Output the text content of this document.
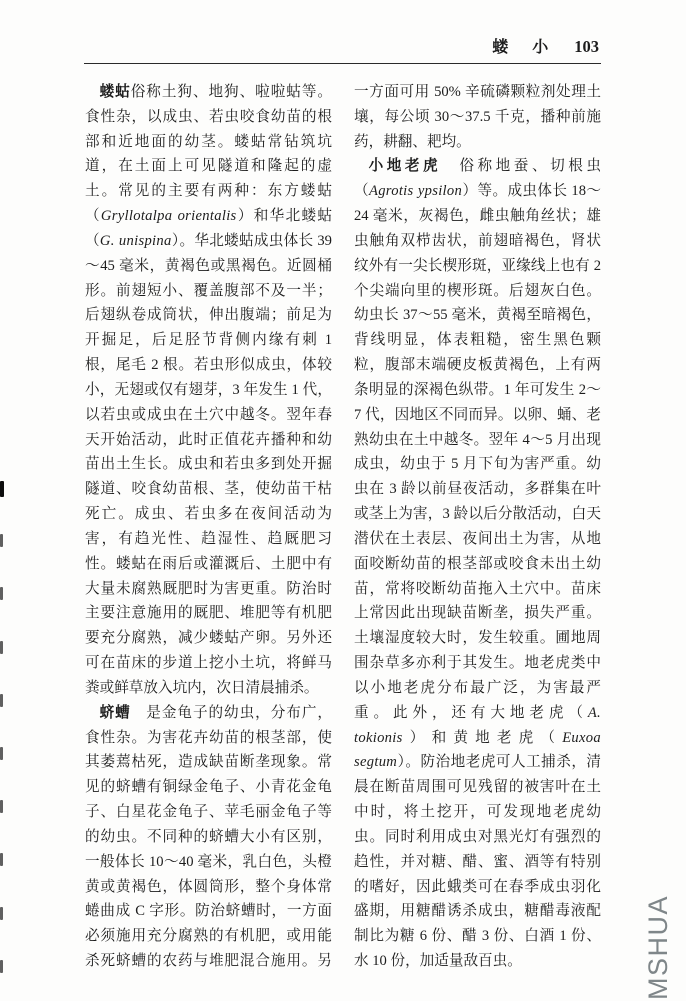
蝼　小 103

蝼蛄俗称土狗、地狗、啦啦蛄等。食性杂，以成虫、若虫咬食幼苗的根部和近地面的幼茎。蝼蛄常钻筑坑道，在土面上可见隧道和隆起的虚土。常见的主要有两种：东方蝼蛄（Gryllotalpa orientalis）和华北蝼蛄（G. unispina）。华北蝼蛄成虫体长 39～45 毫米，黄褐色或黑褐色。近圆桶形。前翅短小、覆盖腹部不及一半；后翅纵卷成筒状，伸出腹端；前足为开掘足，后足胫节背侧内缘有刺 1 根，尾毛 2 根。若虫形似成虫，体较小，无翅或仅有翅芽，3 年发生 1 代，以若虫或成虫在土穴中越冬。翌年春天开始活动，此时正值花卉播种和幼苗出土生长。成虫和若虫多到处开掘隧道、咬食幼苗根、茎，使幼苗干枯死亡。成虫、若虫多在夜间活动为害，有趋光性、趋湿性、趋厩肥习性。蝼蛄在雨后或灌溉后、土肥中有大量未腐熟厩肥时为害更重。防治时主要注意施用的厩肥、堆肥等有机肥要充分腐熟，减少蝼蛄产卵。另外还可在苗床的步道上挖小土坑，将鲜马粪或鲜草放入坑内，次日清晨捕杀。

蛴螬　是金龟子的幼虫，分布广，食性杂。为害花卉幼苗的根茎部，使其萎蔫枯死，造成缺苗断垄现象。常见的蛴螬有铜绿金龟子、小青花金龟子、白星花金龟子、苹毛丽金龟子等的幼虫。不同种的蛴螬大小有区别，一般体长 10～40 毫米，乳白色，头橙黄或黄褐色，体圆筒形，整个身体常蜷曲成 C 字形。防治蛴螬时，一方面必须施用充分腐熟的有机肥，或用能杀死蛴螬的农药与堆肥混合施用。另一方面可用 50% 辛硫磷颗粒剂处理土壤，每公顷 30～37.5 千克，播种前施药，耕翻、耙均。

小地老虎　俗称地蚕、切根虫（Agrotis ypsilon）等。成虫体长 18～24 毫米，灰褐色，雌虫触角丝状；雄虫触角双栉齿状，前翅暗褐色，肾状纹外有一尖长楔形斑，亚缘线上也有 2 个尖端向里的楔形斑。后翅灰白色。幼虫长 37～55 毫米，黄褐至暗褐色，背线明显，体表粗糙，密生黑色颗粒，腹部末端硬皮板黄褐色，上有两条明显的深褐色纵带。1 年可发生 2～7 代，因地区不同而异。以卵、蛹、老熟幼虫在土中越冬。翌年 4～5 月出现成虫，幼虫于 5 月下旬为害严重。幼虫在 3 龄以前昼夜活动，多群集在叶或茎上为害，3 龄以后分散活动，白天潜伏在土表层、夜间出土为害，从地面咬断幼苗的根茎部或咬食未出土幼苗，常将咬断幼苗拖入土穴中。苗床上常因此出现缺苗断垄，损失严重。土壤湿度较大时，发生较重。圃地周围杂草多亦利于其发生。地老虎类中以小地老虎分布最广泛，为害最严重。此外，还有大地老虎（A. tokionis）和黄地老虎（Euxoa segtum）。防治地老虎可人工捕杀，清晨在断苗周围可见残留的被害叶在土中时，将土挖开，可发现地老虎幼虫。同时利用成虫对黑光灯有强烈的趋性，并对糖、醋、蜜、酒等有特别的嗜好，因此蛾类可在春季成虫羽化盛期，用糖醋诱杀成虫，糖醋毒液配制比为糖 6 份、醋 3 份、白酒 1 份、水 10 份，加适量敌百虫。	MSHUA
